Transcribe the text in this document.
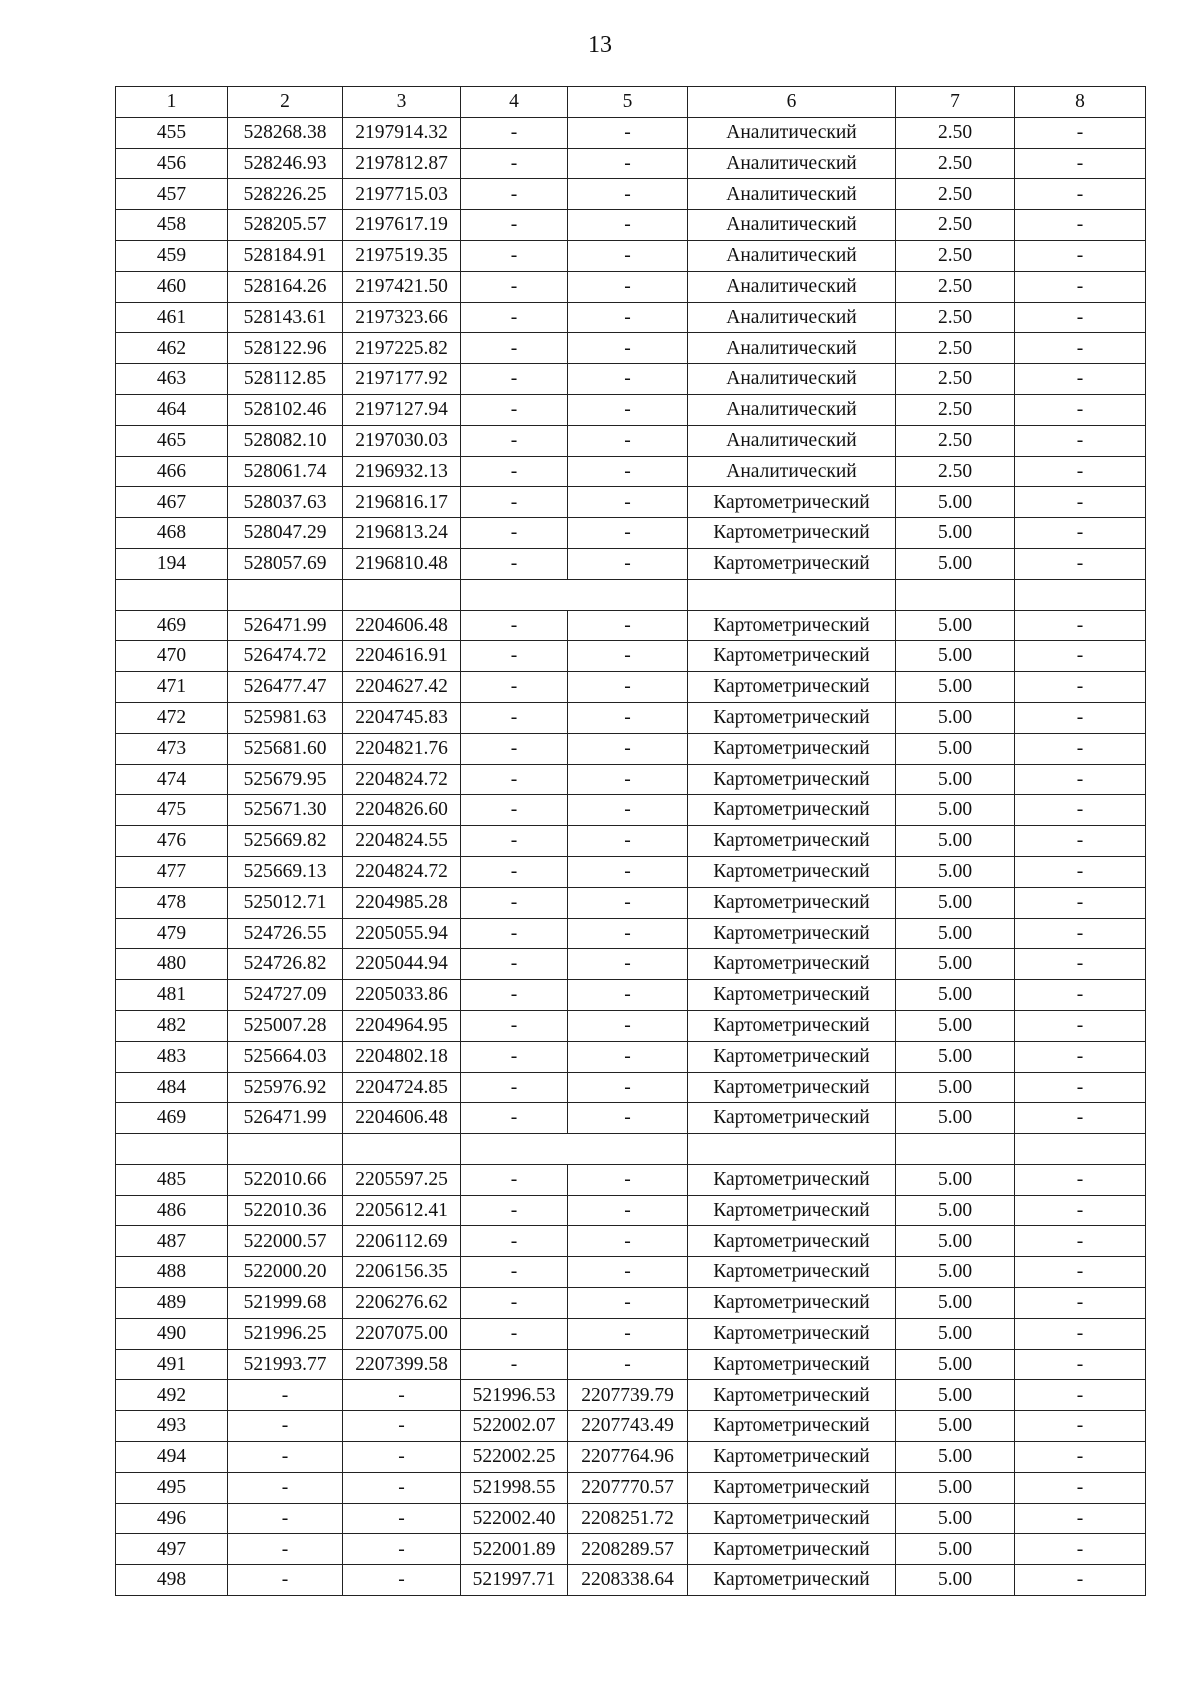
13
1	2	3	4	5	6	7	8
455	528268.38	2197914.32	-	-	Аналитический	2.50	-
456	528246.93	2197812.87	-	-	Аналитический	2.50	-
457	528226.25	2197715.03	-	-	Аналитический	2.50	-
458	528205.57	2197617.19	-	-	Аналитический	2.50	-
459	528184.91	2197519.35	-	-	Аналитический	2.50	-
460	528164.26	2197421.50	-	-	Аналитический	2.50	-
461	528143.61	2197323.66	-	-	Аналитический	2.50	-
462	528122.96	2197225.82	-	-	Аналитический	2.50	-
463	528112.85	2197177.92	-	-	Аналитический	2.50	-
464	528102.46	2197127.94	-	-	Аналитический	2.50	-
465	528082.10	2197030.03	-	-	Аналитический	2.50	-
466	528061.74	2196932.13	-	-	Аналитический	2.50	-
467	528037.63	2196816.17	-	-	Картометрический	5.00	-
468	528047.29	2196813.24	-	-	Картометрический	5.00	-
194	528057.69	2196810.48	-	-	Картометрический	5.00	-

469	526471.99	2204606.48	-	-	Картометрический	5.00	-
470	526474.72	2204616.91	-	-	Картометрический	5.00	-
471	526477.47	2204627.42	-	-	Картометрический	5.00	-
472	525981.63	2204745.83	-	-	Картометрический	5.00	-
473	525681.60	2204821.76	-	-	Картометрический	5.00	-
474	525679.95	2204824.72	-	-	Картометрический	5.00	-
475	525671.30	2204826.60	-	-	Картометрический	5.00	-
476	525669.82	2204824.55	-	-	Картометрический	5.00	-
477	525669.13	2204824.72	-	-	Картометрический	5.00	-
478	525012.71	2204985.28	-	-	Картометрический	5.00	-
479	524726.55	2205055.94	-	-	Картометрический	5.00	-
480	524726.82	2205044.94	-	-	Картометрический	5.00	-
481	524727.09	2205033.86	-	-	Картометрический	5.00	-
482	525007.28	2204964.95	-	-	Картометрический	5.00	-
483	525664.03	2204802.18	-	-	Картометрический	5.00	-
484	525976.92	2204724.85	-	-	Картометрический	5.00	-
469	526471.99	2204606.48	-	-	Картометрический	5.00	-

485	522010.66	2205597.25	-	-	Картометрический	5.00	-
486	522010.36	2205612.41	-	-	Картометрический	5.00	-
487	522000.57	2206112.69	-	-	Картометрический	5.00	-
488	522000.20	2206156.35	-	-	Картометрический	5.00	-
489	521999.68	2206276.62	-	-	Картометрический	5.00	-
490	521996.25	2207075.00	-	-	Картометрический	5.00	-
491	521993.77	2207399.58	-	-	Картометрический	5.00	-
492	-	-	521996.53	2207739.79	Картометрический	5.00	-
493	-	-	522002.07	2207743.49	Картометрический	5.00	-
494	-	-	522002.25	2207764.96	Картометрический	5.00	-
495	-	-	521998.55	2207770.57	Картометрический	5.00	-
496	-	-	522002.40	2208251.72	Картометрический	5.00	-
497	-	-	522001.89	2208289.57	Картометрический	5.00	-
498	-	-	521997.71	2208338.64	Картометрический	5.00	-
